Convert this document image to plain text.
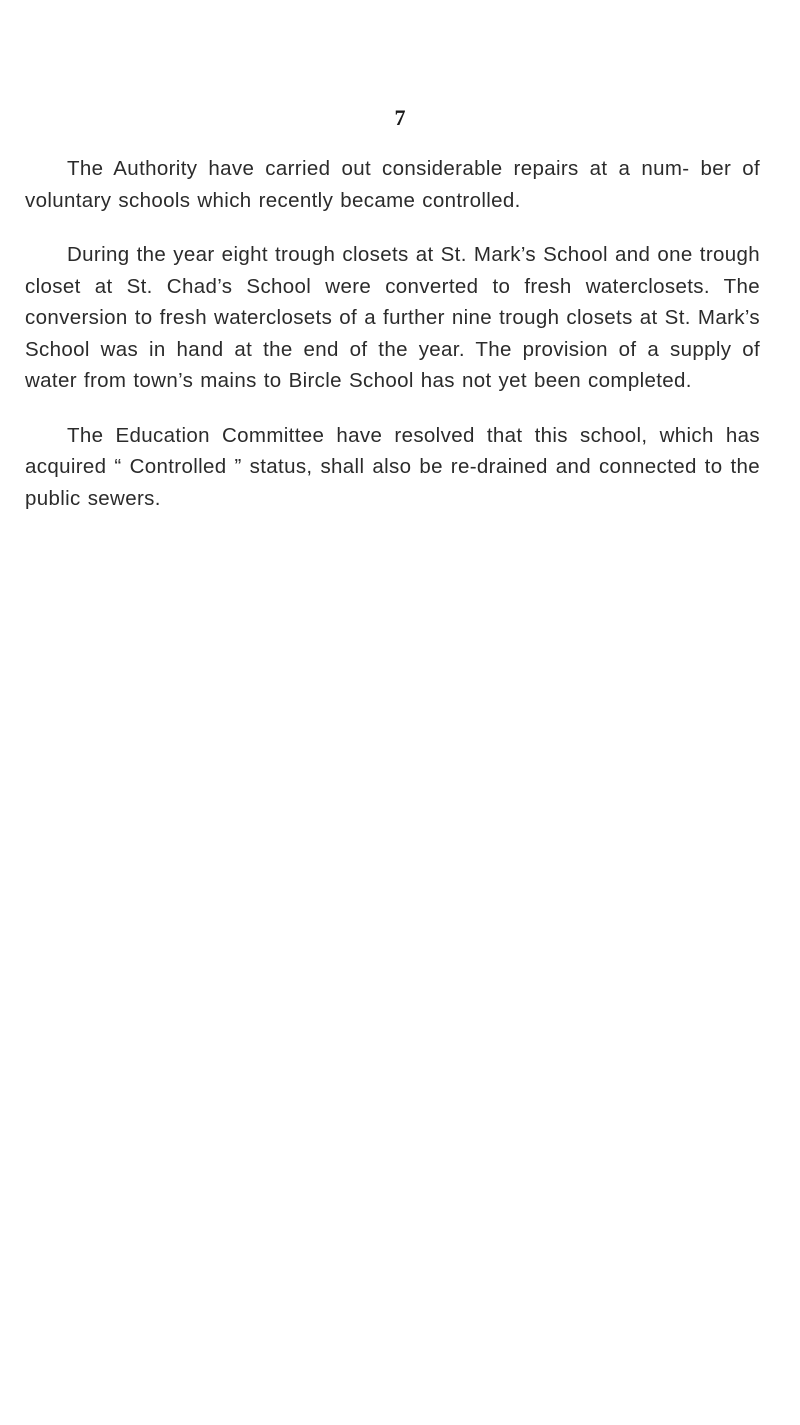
7

The Authority have carried out considerable repairs at a num- ber of voluntary schools which recently became controlled.

During the year eight trough closets at St. Mark’s School and one trough closet at St. Chad’s School were converted to fresh waterclosets. The conversion to fresh waterclosets of a further nine trough closets at St. Mark’s School was in hand at the end of the year. The provision of a supply of water from town’s mains to Bircle School has not yet been completed.

The Education Committee have resolved that this school, which has acquired “ Controlled ” status, shall also be re-drained and connected to the public sewers.
